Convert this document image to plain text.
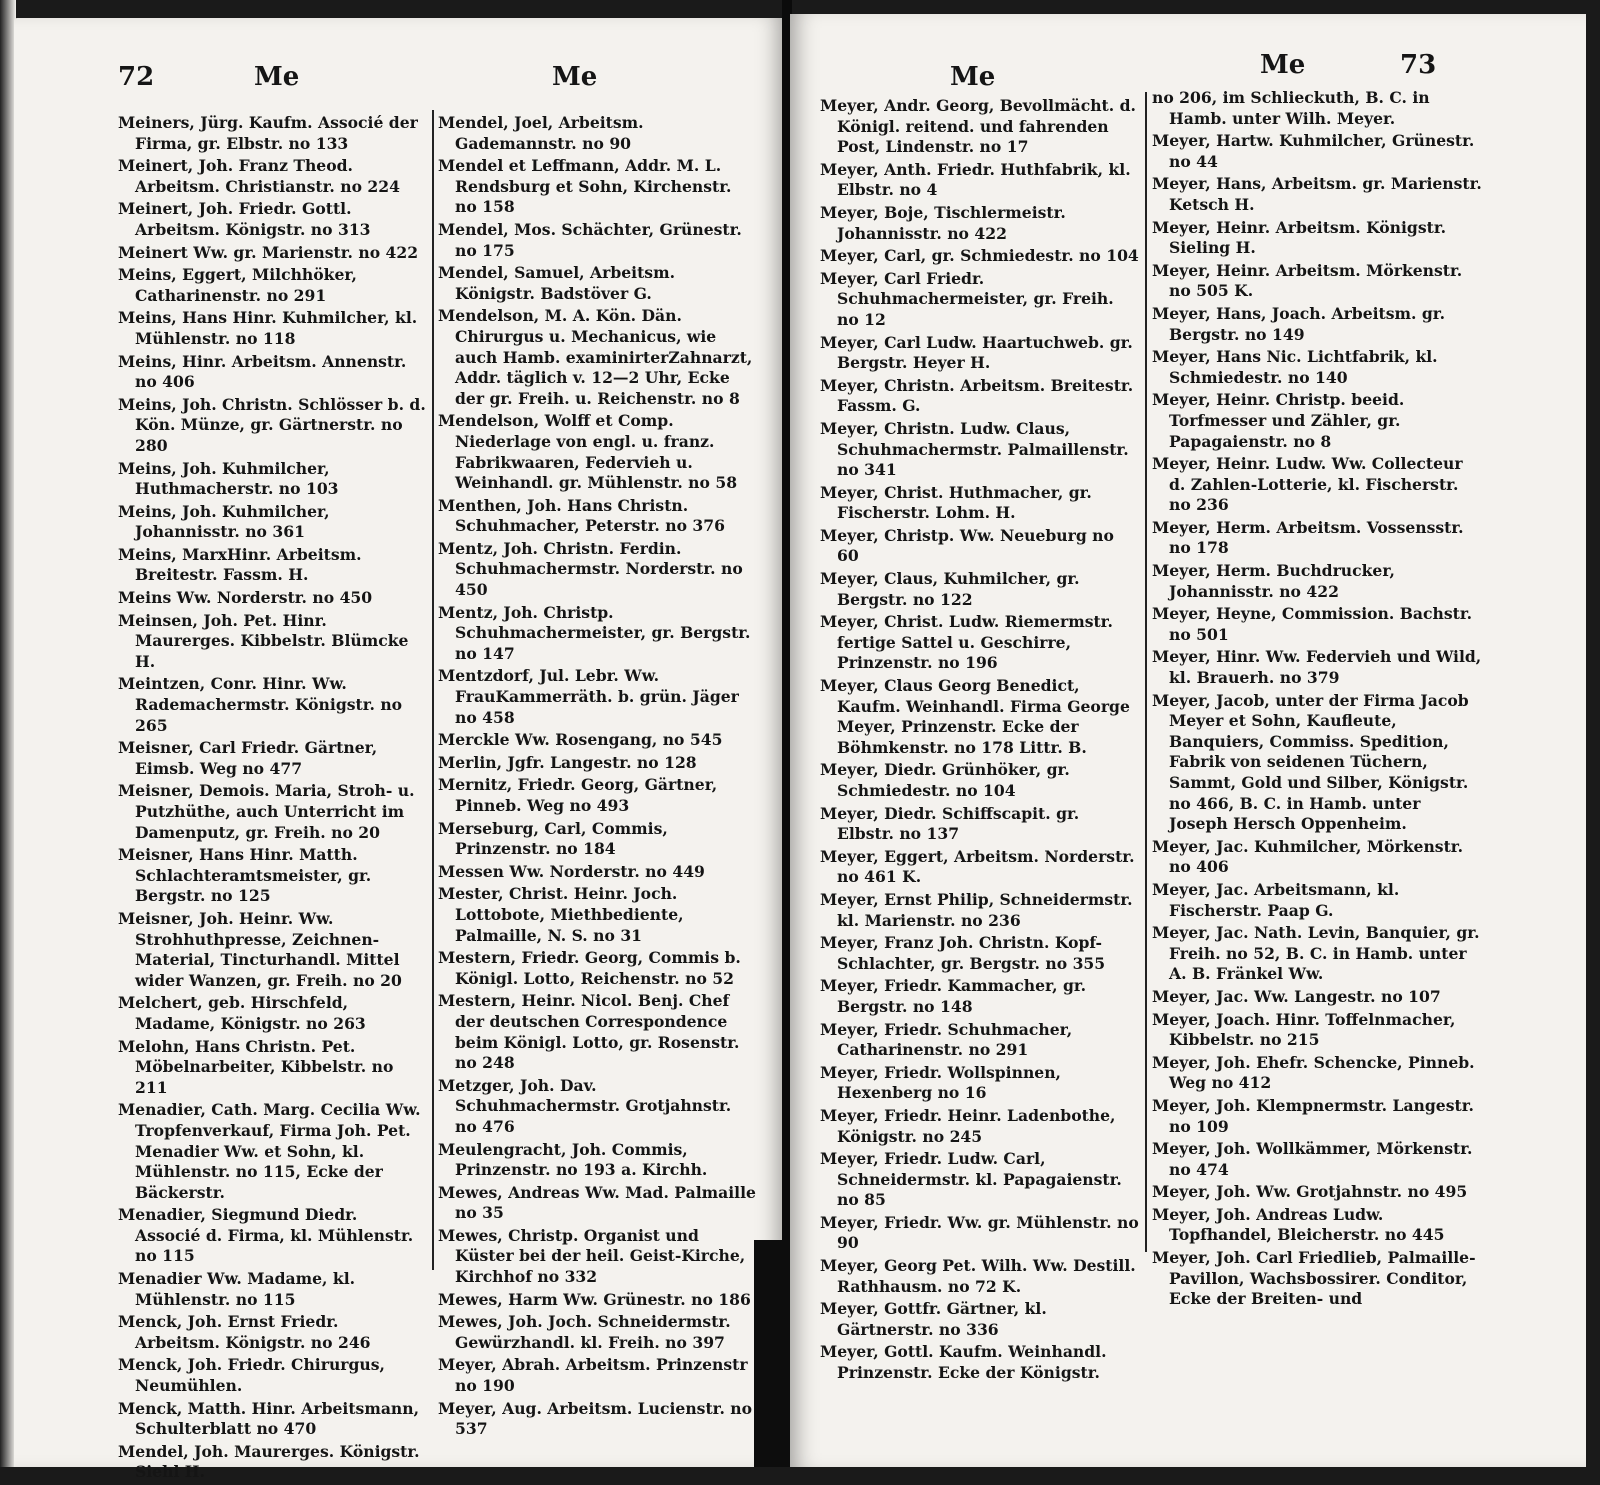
72	Me	Me
Meiners, Jürg. Kaufm. Associé der Firma, gr. Elbstr. no 133
Meinert, Joh. Franz Theod. Arbeitsm. Christianstr. no 224
Meinert, Joh. Friedr. Gottl. Arbeitsm. Königstr. no 313
Meinert Ww. gr. Marienstr. no 422
Meins, Eggert, Milchhöker, Catharinenstr. no 291
Meins, Hans Hinr. Kuhmilcher, kl. Mühlenstr. no 118
Meins, Hinr. Arbeitsm. Annenstr. no 406
Meins, Joh. Christn. Schlösser b. d. Kön. Münze, gr. Gärtnerstr. no 280
Meins, Joh. Kuhmilcher, Huthmacherstr. no 103
Meins, Joh. Kuhmilcher, Johannisstr. no 361
Meins, MarxHinr. Arbeitsm. Breitestr. Fassm. H.
Meins Ww. Norderstr. no 450
Meinsen, Joh. Pet. Hinr. Maurerges. Kibbelstr. Blümcke H.
Meintzen, Conr. Hinr. Ww. Rademachermstr. Königstr. no 265
Meisner, Carl Friedr. Gärtner, Eimsb. Weg no 477
Meisner, Demois. Maria, Stroh- u. Putzhüthe, auch Unterricht im Damenputz, gr. Freih. no 20
Meisner, Hans Hinr. Matth. Schlachteramtsmeister, gr. Bergstr. no 125
Meisner, Joh. Heinr. Ww. Strohhuthpresse, Zeichnen-Material, Tincturhandl. Mittel wider Wanzen, gr. Freih. no 20
Melchert, geb. Hirschfeld, Madame, Königstr. no 263
Melohn, Hans Christn. Pet. Möbelnarbeiter, Kibbelstr. no 211
Menadier, Cath. Marg. Cecilia Ww. Tropfenverkauf, Firma Joh. Pet. Menadier Ww. et Sohn, kl. Mühlenstr. no 115, Ecke der Bäckerstr.
Menadier, Siegmund Diedr. Associé d. Firma, kl. Mühlenstr. no 115
Menadier Ww. Madame, kl. Mühlenstr. no 115
Menck, Joh. Ernst Friedr. Arbeitsm. Königstr. no 246
Menck, Joh. Friedr. Chirurgus, Neumühlen.
Menck, Matth. Hinr. Arbeitsmann, Schulterblatt no 470
Mendel, Joh. Maurerges. Königstr. Siehl H.
Mendel, Joel, Arbeitsm. Gademannstr. no 90
Mendel et Leffmann, Addr. M. L. Rendsburg et Sohn, Kirchenstr. no 158
Mendel, Mos. Schächter, Grünestr. no 175
Mendel, Samuel, Arbeitsm. Königstr. Badstöver G.
Mendelson, M. A. Kön. Dän. Chirurgus u. Mechanicus, wie auch Hamb. examinirterZahnarzt, Addr. täglich v. 12—2 Uhr, Ecke der gr. Freih. u. Reichenstr. no 8
Mendelson, Wolff et Comp. Niederlage von engl. u. franz. Fabrikwaaren, Federvieh u. Weinhandl. gr. Mühlenstr. no 58
Menthen, Joh. Hans Christn. Schuhmacher, Peterstr. no 376
Mentz, Joh. Christn. Ferdin. Schuhmachermstr. Norderstr. no 450
Mentz, Joh. Christp. Schuhmachermeister, gr. Bergstr. no 147
Mentzdorf, Jul. Lebr. Ww. FrauKammerräth. b. grün. Jäger no 458
Merckle Ww. Rosengang, no 545
Merlin, Jgfr. Langestr. no 128
Mernitz, Friedr. Georg, Gärtner, Pinneb. Weg no 493
Merseburg, Carl, Commis, Prinzenstr. no 184
Messen Ww. Norderstr. no 449
Mester, Christ. Heinr. Joch. Lottobote, Miethbediente, Palmaille, N. S. no 31
Mestern, Friedr. Georg, Commis b. Königl. Lotto, Reichenstr. no 52
Mestern, Heinr. Nicol. Benj. Chef der deutschen Correspondence beim Königl. Lotto, gr. Rosenstr. no 248
Metzger, Joh. Dav. Schuhmachermstr. Grotjahnstr. no 476
Meulengracht, Joh. Commis, Prinzenstr. no 193 a. Kirchh.
Mewes, Andreas Ww. Mad. Palmaille no 35
Mewes, Christp. Organist und Küster bei der heil. Geist-Kirche, Kirchhof no 332
Mewes, Harm Ww. Grünestr. no 186
Mewes, Joh. Joch. Schneidermstr. Gewürzhandl. kl. Freih. no 397
Meyer, Abrah. Arbeitsm. Prinzenstr no 190
Meyer, Aug. Arbeitsm. Lucienstr. no 537
Me	Me	73
Meyer, Andr. Georg, Bevollmächt. d. Königl. reitend. und fahrenden Post, Lindenstr. no 17
Meyer, Anth. Friedr. Huthfabrik, kl. Elbstr. no 4
Meyer, Boje, Tischlermeistr. Johannisstr. no 422
Meyer, Carl, gr. Schmiedestr. no 104
Meyer, Carl Friedr. Schuhmachermeister, gr. Freih. no 12
Meyer, Carl Ludw. Haartuchweb. gr. Bergstr. Heyer H.
Meyer, Christn. Arbeitsm. Breitestr. Fassm. G.
Meyer, Christn. Ludw. Claus, Schuhmachermstr. Palmaillenstr. no 341
Meyer, Christ. Huthmacher, gr. Fischerstr. Lohm. H.
Meyer, Christp. Ww. Neueburg no 60
Meyer, Claus, Kuhmilcher, gr. Bergstr. no 122
Meyer, Christ. Ludw. Riemermstr. fertige Sattel u. Geschirre, Prinzenstr. no 196
Meyer, Claus Georg Benedict, Kaufm. Weinhandl. Firma George Meyer, Prinzenstr. Ecke der Böhmkenstr. no 178 Littr. B.
Meyer, Diedr. Grünhöker, gr. Schmiedestr. no 104
Meyer, Diedr. Schiffscapit. gr. Elbstr. no 137
Meyer, Eggert, Arbeitsm. Norderstr. no 461 K.
Meyer, Ernst Philip, Schneidermstr. kl. Marienstr. no 236
Meyer, Franz Joh. Christn. Kopf-Schlachter, gr. Bergstr. no 355
Meyer, Friedr. Kammacher, gr. Bergstr. no 148
Meyer, Friedr. Schuhmacher, Catharinenstr. no 291
Meyer, Friedr. Wollspinnen, Hexenberg no 16
Meyer, Friedr. Heinr. Ladenbothe, Königstr. no 245
Meyer, Friedr. Ludw. Carl, Schneidermstr. kl. Papagaienstr. no 85
Meyer, Friedr. Ww. gr. Mühlenstr. no 90
Meyer, Georg Pet. Wilh. Ww. Destill. Rathhausm. no 72 K.
Meyer, Gottfr. Gärtner, kl. Gärtnerstr. no 336
Meyer, Gottl. Kaufm. Weinhandl. Prinzenstr. Ecke der Königstr.
no 206, im Schlieckuth, B. C. in Hamb. unter Wilh. Meyer.
Meyer, Hartw. Kuhmilcher, Grünestr. no 44
Meyer, Hans, Arbeitsm. gr. Marienstr. Ketsch H.
Meyer, Heinr. Arbeitsm. Königstr. Sieling H.
Meyer, Heinr. Arbeitsm. Mörkenstr. no 505 K.
Meyer, Hans, Joach. Arbeitsm. gr. Bergstr. no 149
Meyer, Hans Nic. Lichtfabrik, kl. Schmiedestr. no 140
Meyer, Heinr. Christp. beeid. Torfmesser und Zähler, gr. Papagaienstr. no 8
Meyer, Heinr. Ludw. Ww. Collecteur d. Zahlen-Lotterie, kl. Fischerstr. no 236
Meyer, Herm. Arbeitsm. Vossensstr. no 178
Meyer, Herm. Buchdrucker, Johannisstr. no 422
Meyer, Heyne, Commission. Bachstr. no 501
Meyer, Hinr. Ww. Federvieh und Wild, kl. Brauerh. no 379
Meyer, Jacob, unter der Firma Jacob Meyer et Sohn, Kaufleute, Banquiers, Commiss. Spedition, Fabrik von seidenen Tüchern, Sammt, Gold und Silber, Königstr. no 466, B. C. in Hamb. unter Joseph Hersch Oppenheim.
Meyer, Jac. Kuhmilcher, Mörkenstr. no 406
Meyer, Jac. Arbeitsmann, kl. Fischerstr. Paap G.
Meyer, Jac. Nath. Levin, Banquier, gr. Freih. no 52, B. C. in Hamb. unter A. B. Fränkel Ww.
Meyer, Jac. Ww. Langestr. no 107
Meyer, Joach. Hinr. Toffelnmacher, Kibbelstr. no 215
Meyer, Joh. Ehefr. Schencke, Pinneb. Weg no 412
Meyer, Joh. Klempnermstr. Langestr. no 109
Meyer, Joh. Wollkämmer, Mörkenstr. no 474
Meyer, Joh. Ww. Grotjahnstr. no 495
Meyer, Joh. Andreas Ludw. Topfhandel, Bleicherstr. no 445
Meyer, Joh. Carl Friedlieb, Palmaille-Pavillon, Wachsbossirer. Conditor, Ecke der Breiten- und
